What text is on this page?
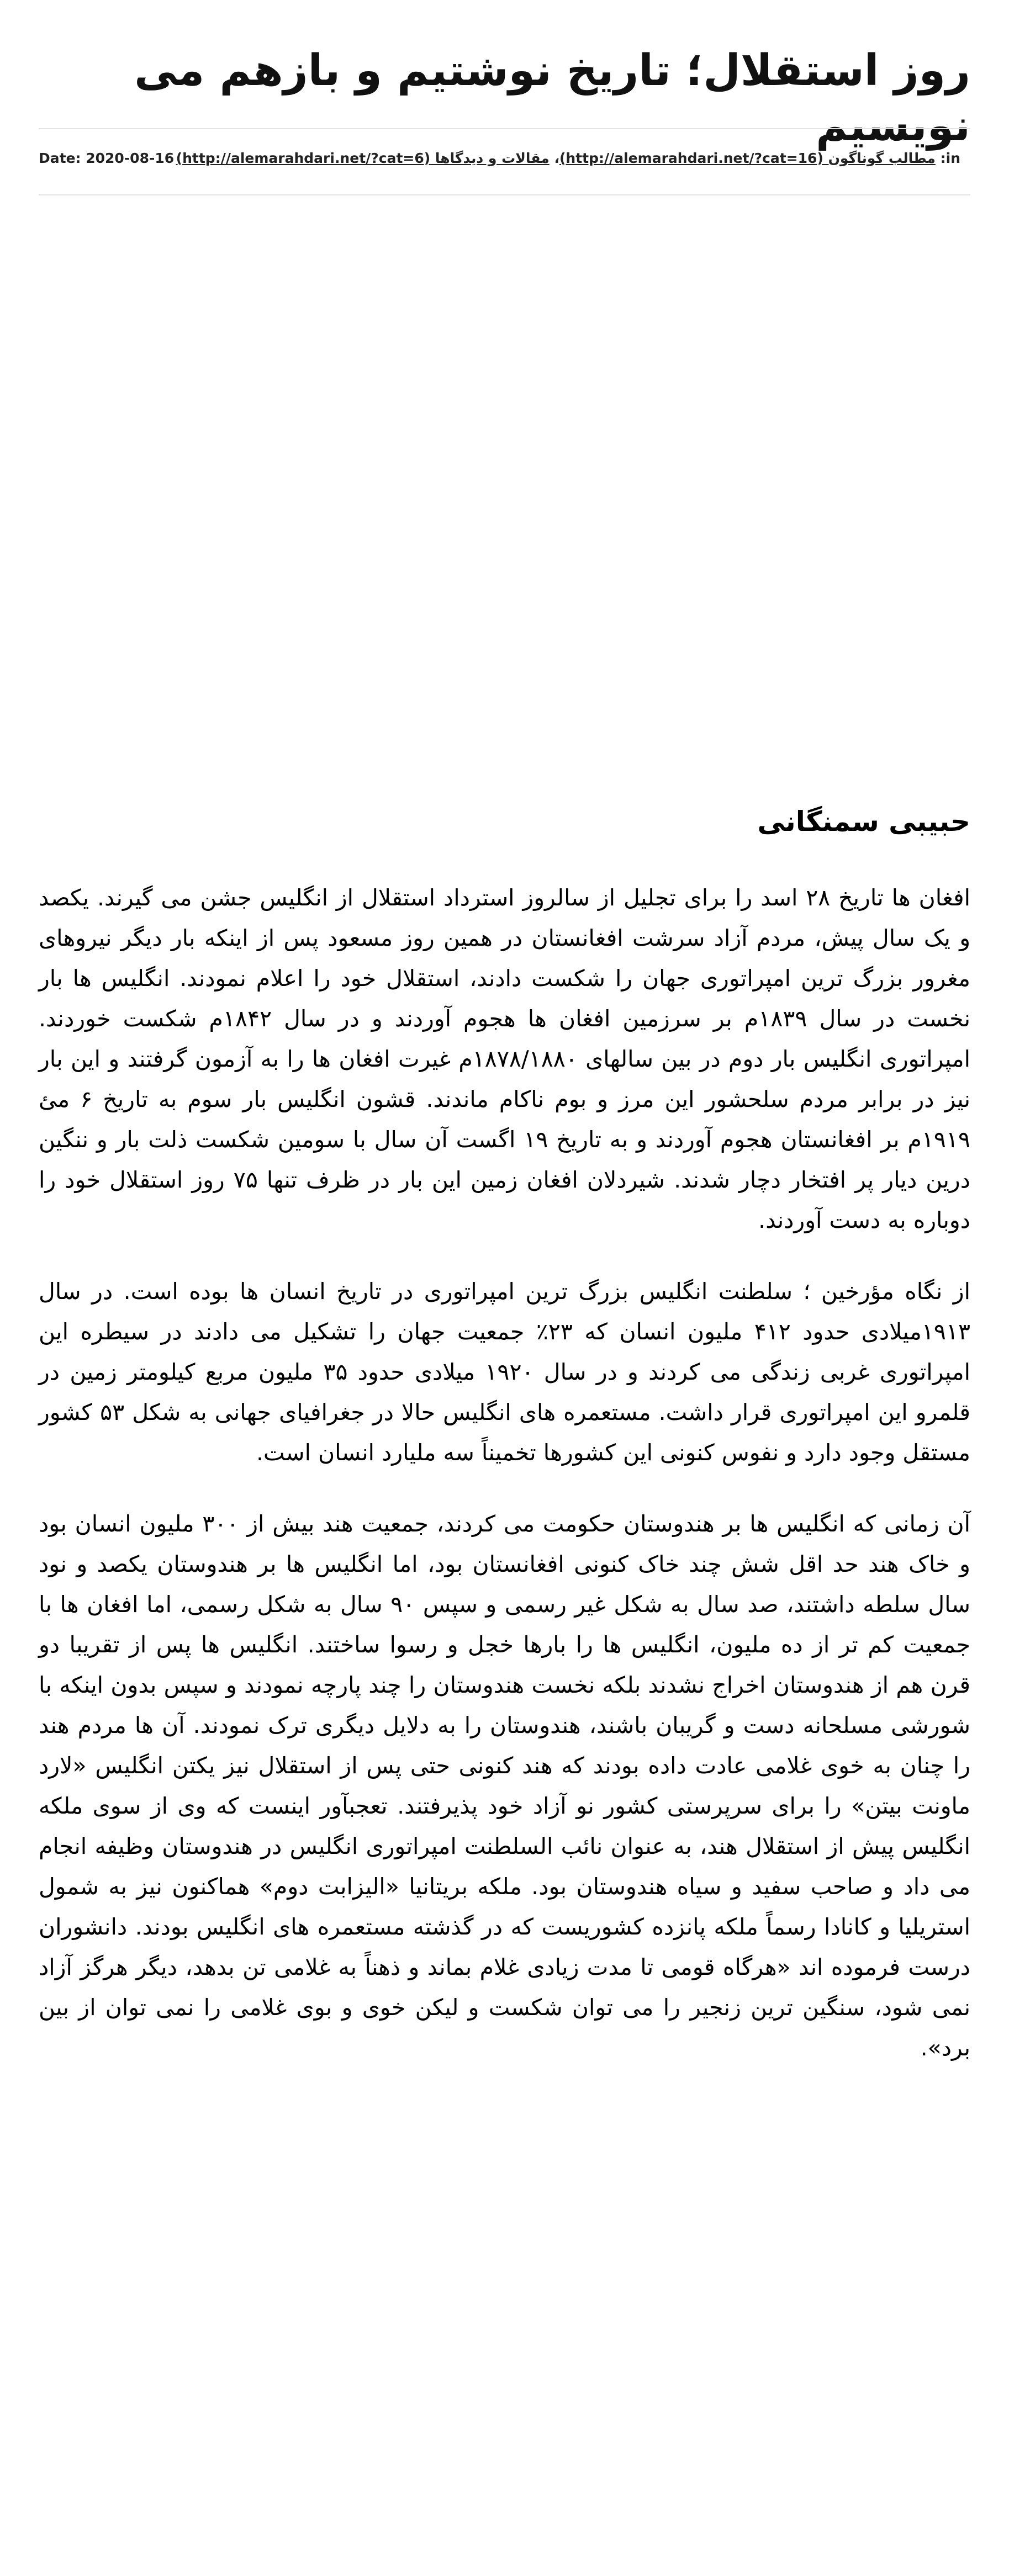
روز استقلال؛ تاریخ نوشتیم و بازهم می نویسیم
in: مطالب گوناگون (http://alemarahdari.net/?cat=16)، مقالات و دیدگاها (http://alemarahdari.net/?cat=6)
Date: 2020-08-16
حبیبی سمنگانی

افغان ها تاریخ ۲۸ اسد را برای تجلیل از سالروز استرداد استقلال از انگلیس جشن می گیرند. یکصد و یک سال پیش، مردم آزاد سرشت افغانستان در همین روز مسعود پس از اینکه بار دیگر نیروهای مغرور بزرگ ترین امپراتوری جهان را شکست دادند، استقلال خود را اعلام نمودند. انگلیس ها بار نخست در سال ۱۸۳۹م بر سرزمین افغان ها هجوم آوردند و در سال ۱۸۴۲م شکست خوردند. امپراتوری انگلیس بار دوم در بین سالهای ۱۸۷۸/۱۸۸۰م غیرت افغان ها را به آزمون گرفتند و این بار نیز در برابر مردم سلحشور این مرز و بوم ناکام ماندند. قشون انگلیس بار سوم به تاریخ ۶ مئ ۱۹۱۹م بر افغانستان هجوم آوردند و به تاریخ ۱۹ اگست آن سال با سومین شکست ذلت بار و ننگین درین دیار پر افتخار دچار شدند. شیردلان افغان زمین این بار در ظرف تنها ۷۵ روز استقلال خود را دوباره به دست آوردند.

از نگاه مؤرخین ؛ سلطنت انگلیس بزرگ ترین امپراتوری در تاریخ انسان ها بوده است. در سال ۱۹۱۳میلادی حدود ۴۱۲ ملیون انسان که ۲۳٪ جمعیت جهان را تشکیل می دادند در سیطره این امپراتوری غربی زندگی می کردند و در سال ۱۹۲۰ میلادی حدود ۳۵ ملیون مربع کیلومتر زمین در قلمرو این امپراتوری قرار داشت. مستعمره های انگلیس حالا در جغرافیای جهانی به شکل ۵۳ کشور مستقل وجود دارد و نفوس کنونی این کشورها تخمیناً سه ملیارد انسان است.

آن زمانی که انگلیس ها بر هندوستان حکومت می کردند، جمعیت هند بیش از ۳۰۰ ملیون انسان بود و خاک هند حد اقل شش چند خاک کنونی افغانستان بود، اما انگلیس ها بر هندوستان یکصد و نود سال سلطه داشتند، صد سال به شکل غیر رسمی و سپس ۹۰ سال به شکل رسمی، اما افغان ها با جمعیت کم تر از ده ملیون، انگلیس ها را بارها خجل و رسوا ساختند. انگلیس ها پس از تقریبا دو قرن هم از هندوستان اخراج نشدند بلکه نخست هندوستان را چند پارچه نمودند و سپس بدون اینکه با شورشی مسلحانه دست و گریبان باشند، هندوستان را به دلایل دیگری ترک نمودند. آن ها مردم هند را چنان به خوی غلامی عادت داده بودند که هند کنونی حتی پس از استقلال نیز یکتن انگلیس «لارد ماونت بیتن» را برای سرپرستی کشور نو آزاد خود پذیرفتند. تعجبآور اینست که وی از سوی ملکه انگلیس پیش از استقلال هند، به عنوان نائب السلطنت امپراتوری انگلیس در هندوستان وظیفه انجام می داد و صاحب سفید و سیاه هندوستان بود. ملکه بریتانیا «الیزابت دوم» هماکنون نیز به شمول استریلیا و کانادا رسماً ملکه پانزده کشوریست که در گذشته مستعمره های انگلیس بودند. دانشوران درست فرموده اند «هرگاه قومی تا مدت زیادی غلام بماند و ذهناً به غلامی تن بدهد، دیگر هرگز آزاد نمی شود، سنگین ترین زنجیر را می توان شکست و لیکن خوی و بوی غلامی را نمی توان از بین برد».
